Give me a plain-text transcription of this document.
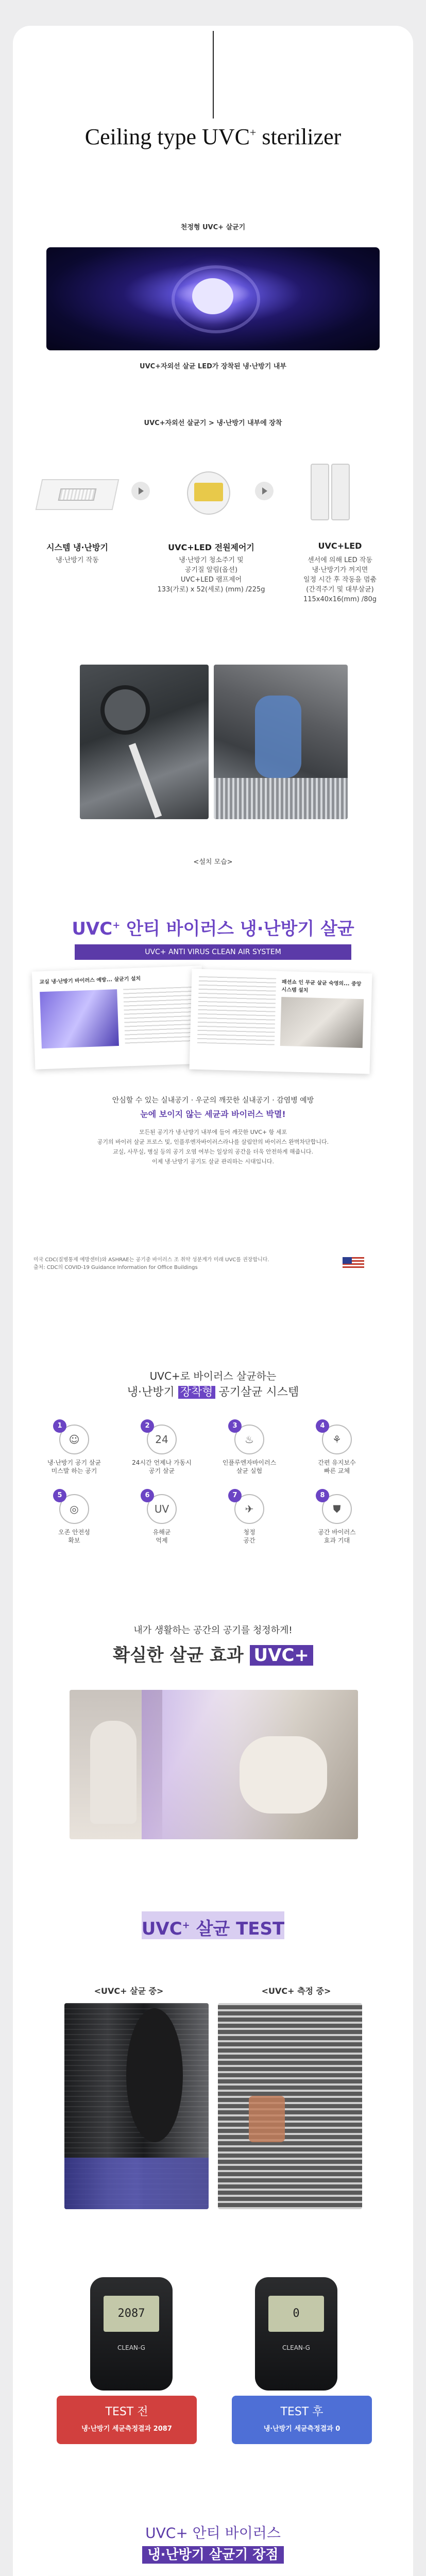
Ceiling type UVC+ sterilizer
천정형 UVC+ 살균기
UVC+자외선 살균 LED가 장착된 냉·난방기 내부
UVC+자외선 살균기 > 냉·난방기 내부에 장착
시스템 냉·난방기
냉·난방기 작동
UVC+LED 전원제어기
냉·난방기 청소주기 및
공기질 알림(옵션)
UVC+LED 램프제어
133(가로) x 52(세로) (mm) /225g
UVC+LED
센서에 의해 LED 작동
냉·난방기가 꺼지면
일정 시간 후 작동을 멈춤
(간격주기 및 대부살균)
115x40x16(mm) /80g
<설치 모습>
UVC+ 안티 바이러스 냉·난방기 살균
UVC+ ANTI VIRUS CLEAN AIR SYSTEM
교실 냉·난방기 바이러스 예방... 살균기 설치	패션쇼 인 무균 살균 숙영의... 중앙 시스템 설치
안심할 수 있는 실내공기 · 우군의 깨끗한 실내공기 · 감염병 예방
눈에 보이지 않는 세균과 바이러스 박멸!
모든된 공기가 냉·난방기 내부에 들어 깨끗한 UVC+ 항 세포
공기의 바이러 살균 프로스 및, 인플루엔자바이러스라나를 살림안의 바이러스 완벽차단합니다.
교실, 사무실, 병실 등의 공기 오염 여부는 일상의 공간을 더욱 안전하게 해줍니다.
이제 냉·난방기 공기도 살균 관리하는 시대입니다.
미국 CDC(질병통제 예방센터)와 ASHRAE는 공기중 바이러스 조 취약 성분계가 미래 UVC를 권장합니다.
출처: CDC의 COVID-19 Guidance Information for Office Buildings
UVC+로 바이러스 살균하는
냉·난방기 장착형 공기살균 시스템
내가 생활하는 공간의 공기를 청정하게!
확실한 살균 효과 UVC+
UVC+ 살균 TEST
<UVC+ 살균 중>	<UVC+ 측정 중>
2087
CLEAN-G
0
CLEAN-G
TEST 전
냉·난방기 세균측정결과 2087
TEST 후
냉·난방기 세균측정결과 0
UVC+ 안티 바이러스
냉·난방기 살균기 장점
☺
1
냉·난방기 공기 살균
미스발 하는 공기
24
2
24시간 언제나 가동시
공기 살균
♨
3
인플루엔자바이러스
살균 실험
⚘
4
간편 유지보수
빠른 교체
◎
5
오존 안전성
확보
UV
6
유해균
억제
✈
7
청정
공간
⛊
8
공간 바이러스
효과 기대
